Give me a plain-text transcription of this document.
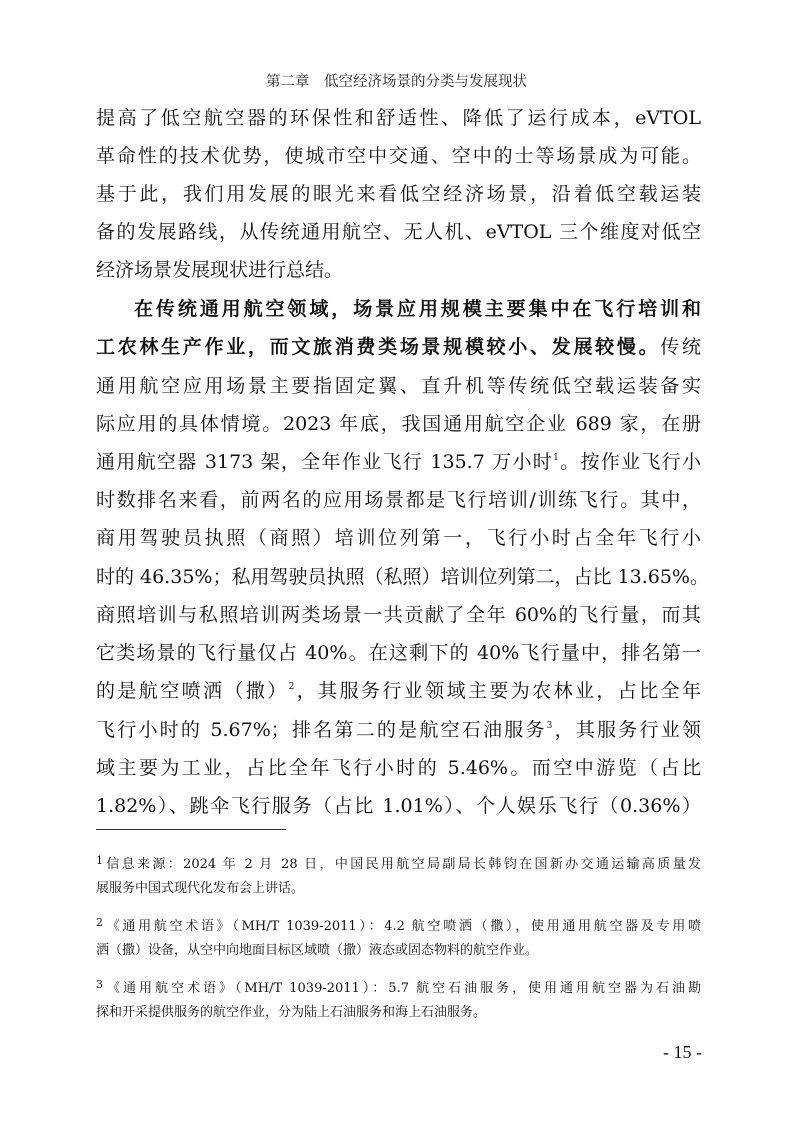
第二章　低空经济场景的分类与发展现状
提高了低空航空器的环保性和舒适性、降低了运行成本，eVTOL
革命性的技术优势，使城市空中交通、空中的士等场景成为可能。
基于此，我们用发展的眼光来看低空经济场景，沿着低空载运装
备的发展路线，从传统通用航空、无人机、eVTOL 三个维度对低空
经济场景发展现状进行总结。
在传统通用航空领域，场景应用规模主要集中在飞行培训和
工农林生产作业，而文旅消费类场景规模较小、发展较慢。传统
通用航空应用场景主要指固定翼、直升机等传统低空载运装备实
际应用的具体情境。2023 年底，我国通用航空企业 689 家，在册
通用航空器 3173 架，全年作业飞行 135.7 万小时$^1$。按作业飞行小
时数排名来看，前两名的应用场景都是飞行培训/训练飞行。其中，
商用驾驶员执照（商照）培训位列第一，飞行小时占全年飞行小
时的 46.35%；私用驾驶员执照（私照）培训位列第二，占比 13.65%。
商照培训与私照培训两类场景一共贡献了全年 60%的飞行量，而其
它类场景的飞行量仅占 40%。在这剩下的 40%飞行量中，排名第一
的是航空喷洒（撒）$^2$，其服务行业领域主要为农林业，占比全年
飞行小时的 5.67%；排名第二的是航空石油服务$^3$，其服务行业领
域主要为工业，占比全年飞行小时的 5.46%。而空中游览（占比
1.82%）、跳伞飞行服务（占比 1.01%）、个人娱乐飞行（0.36%）
$^1$信息来源：2024 年 2 月 28 日，中国民用航空局副局长韩钧在国新办交通运输高质量发
展服务中国式现代化发布会上讲话。
$^2$《通用航空术语》（MH/T 1039-2011）：4.2 航空喷洒（撒），使用通用航空器及专用喷
洒（撒）设备，从空中向地面目标区域喷（撒）液态或固态物料的航空作业。
$^3$《通用航空术语》（MH/T 1039-2011）：5.7 航空石油服务，使用通用航空器为石油勘
探和开采提供服务的航空作业，分为陆上石油服务和海上石油服务。
- 15 -
